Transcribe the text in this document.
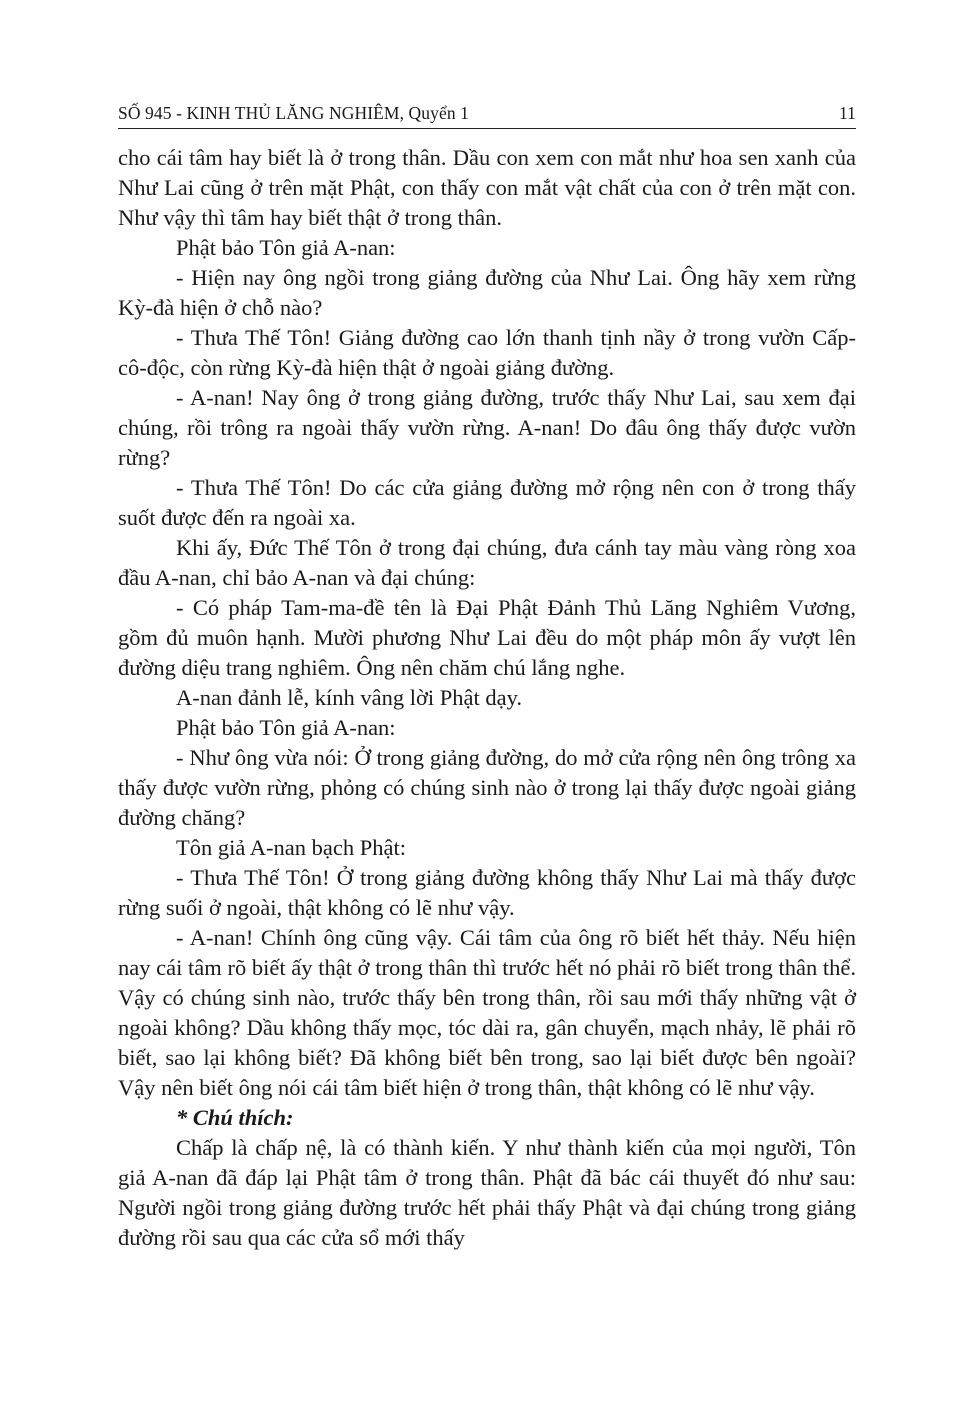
SỐ 945 - KINH THỦ LĂNG NGHIÊM, Quyển 1	11

cho cái tâm hay biết là ở trong thân. Dầu con xem con mắt như hoa sen xanh của Như Lai cũng ở trên mặt Phật, con thấy con mắt vật chất của con ở trên mặt con. Như vậy thì tâm hay biết thật ở trong thân.

Phật bảo Tôn giả A-nan:

- Hiện nay ông ngồi trong giảng đường của Như Lai. Ông hãy xem rừng Kỳ-đà hiện ở chỗ nào?

- Thưa Thế Tôn! Giảng đường cao lớn thanh tịnh nầy ở trong vườn Cấp-cô-độc, còn rừng Kỳ-đà hiện thật ở ngoài giảng đường.

- A-nan! Nay ông ở trong giảng đường, trước thấy Như Lai, sau xem đại chúng, rồi trông ra ngoài thấy vườn rừng. A-nan! Do đâu ông thấy được vườn rừng?

- Thưa Thế Tôn! Do các cửa giảng đường mở rộng nên con ở trong thấy suốt được đến ra ngoài xa.

Khi ấy, Đức Thế Tôn ở trong đại chúng, đưa cánh tay màu vàng ròng xoa đầu A-nan, chỉ bảo A-nan và đại chúng:

- Có pháp Tam-ma-đề tên là Đại Phật Đảnh Thủ Lăng Nghiêm Vương, gồm đủ muôn hạnh. Mười phương Như Lai đều do một pháp môn ấy vượt lên đường diệu trang nghiêm. Ông nên chăm chú lắng nghe.

A-nan đảnh lễ, kính vâng lời Phật dạy.

Phật bảo Tôn giả A-nan:

- Như ông vừa nói: Ở trong giảng đường, do mở cửa rộng nên ông trông xa thấy được vườn rừng, phỏng có chúng sinh nào ở trong lại thấy được ngoài giảng đường chăng?

Tôn giả A-nan bạch Phật:

- Thưa Thế Tôn! Ở trong giảng đường không thấy Như Lai mà thấy được rừng suối ở ngoài, thật không có lẽ như vậy.

- A-nan! Chính ông cũng vậy. Cái tâm của ông rõ biết hết thảy. Nếu hiện nay cái tâm rõ biết ấy thật ở trong thân thì trước hết nó phải rõ biết trong thân thể. Vậy có chúng sinh nào, trước thấy bên trong thân, rồi sau mới thấy những vật ở ngoài không? Dầu không thấy mọc, tóc dài ra, gân chuyển, mạch nhảy, lẽ phải rõ biết, sao lại không biết? Đã không biết bên trong, sao lại biết được bên ngoài? Vậy nên biết ông nói cái tâm biết hiện ở trong thân, thật không có lẽ như vậy.

* Chú thích:

Chấp là chấp nệ, là có thành kiến. Y như thành kiến của mọi người, Tôn giả A-nan đã đáp lại Phật tâm ở trong thân. Phật đã bác cái thuyết đó như sau: Người ngồi trong giảng đường trước hết phải thấy Phật và đại chúng trong giảng đường rồi sau qua các cửa sổ mới thấy
